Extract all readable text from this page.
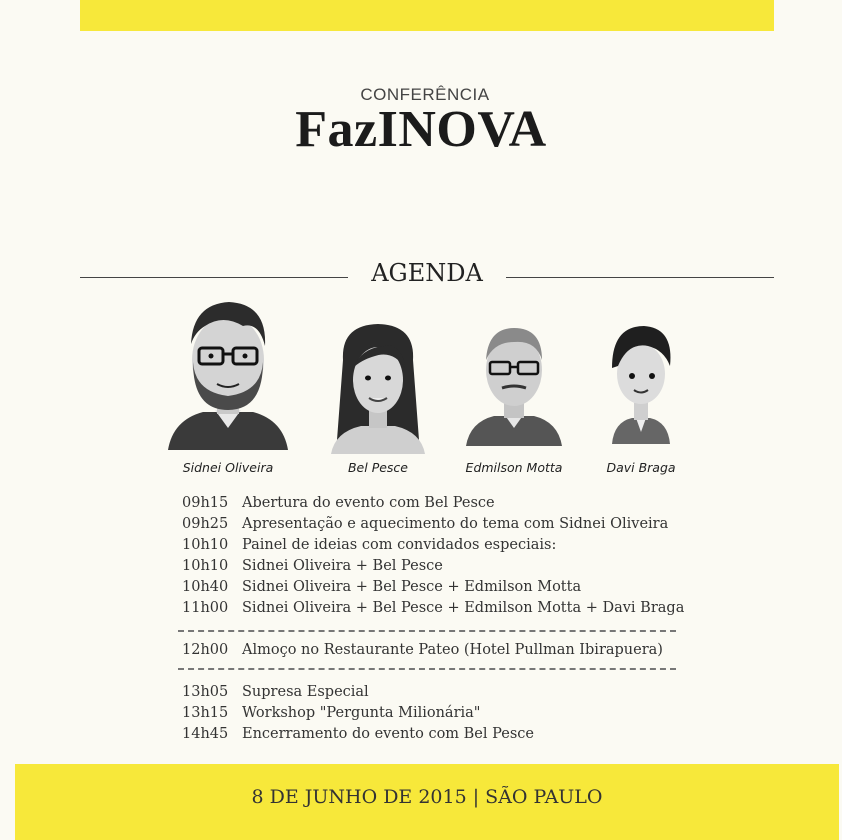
CONFERÊNCIA
FazINOVA
AGENDA
Sidnei Oliveira	Bel Pesce	Edmilson Motta	Davi Braga
09h15 Abertura do evento com Bel Pesce
09h25 Apresentação e aquecimento do tema com Sidnei Oliveira
10h10 Painel de ideias com convidados especiais:
10h10 Sidnei Oliveira + Bel Pesce
10h40 Sidnei Oliveira + Bel Pesce + Edmilson Motta
11h00 Sidnei Oliveira + Bel Pesce + Edmilson Motta + Davi Braga
12h00 Almoço no Restaurante Pateo (Hotel Pullman Ibirapuera)
13h05 Supresa Especial
13h15 Workshop "Pergunta Milionária"
14h45 Encerramento do evento com Bel Pesce
8 DE JUNHO DE 2015 | SÃO PAULO
